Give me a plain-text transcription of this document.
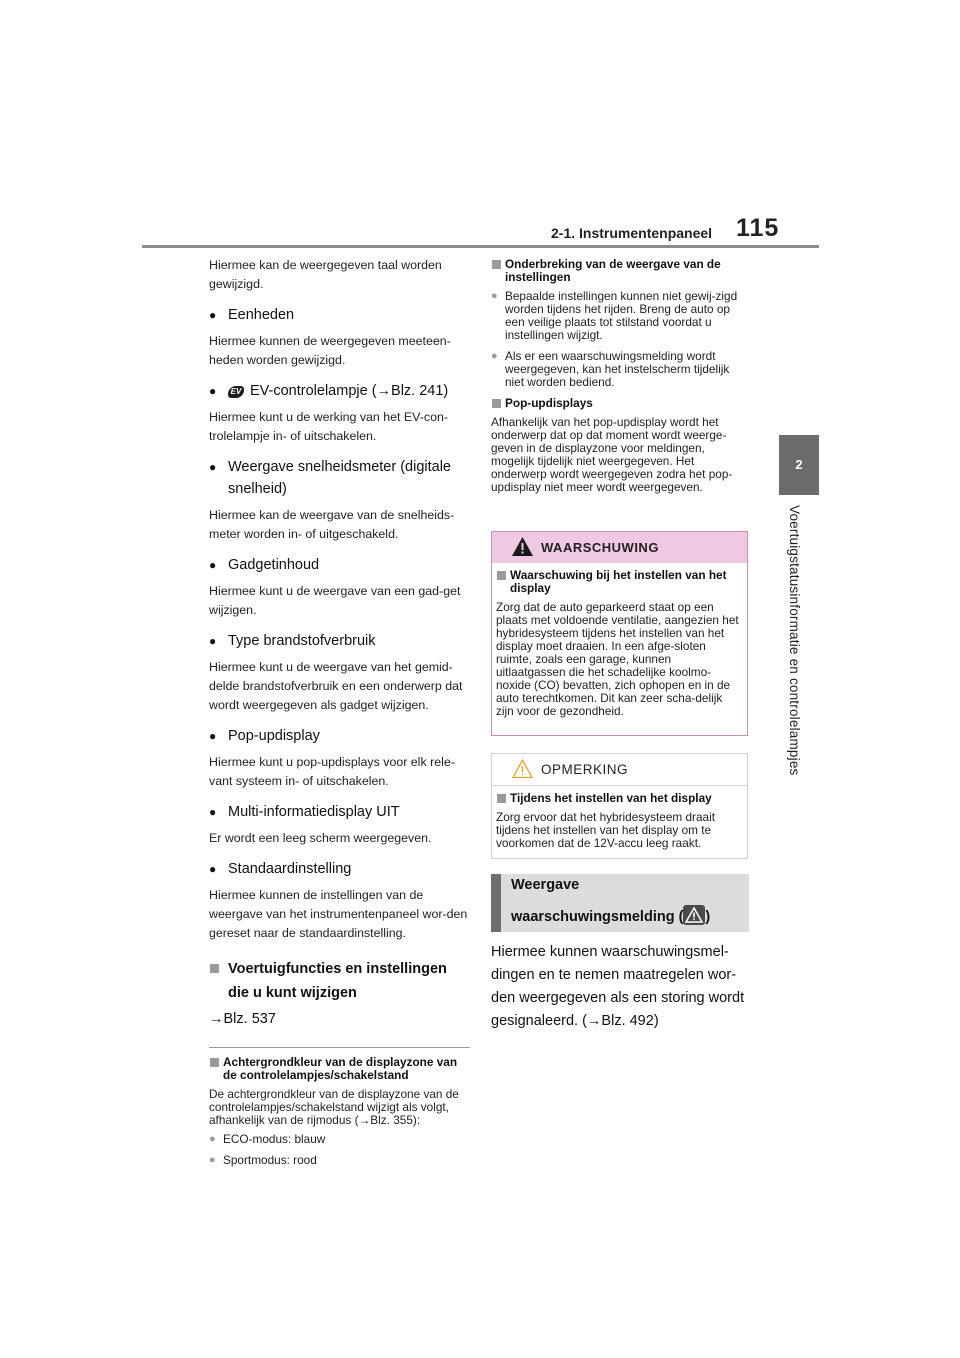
2-1. Instrumentenpaneel 115
2
Voertuigstatusinformatie en controlelampjes

Hiermee kan de weergegeven taal worden gewijzigd.

● Eenheden

Hiermee kunnen de weergegeven meeteen-heden worden gewijzigd.

● EV EV-controlelampje (→Blz. 241)

Hiermee kunt u de werking van het EV-con-trolelampje in- of uitschakelen.

● Weergave snelheidsmeter (digitale snelheid)

Hiermee kan de weergave van de snelheids-meter worden in- of uitgeschakeld.

● Gadgetinhoud

Hiermee kunt u de weergave van een gad-get wijzigen.

● Type brandstofverbruik

Hiermee kunt u de weergave van het gemid-delde brandstofverbruik en een onderwerp dat wordt weergegeven als gadget wijzigen.

● Pop-updisplay

Hiermee kunt u pop-updisplays voor elk rele-vant systeem in- of uitschakelen.

● Multi-informatiedisplay UIT

Er wordt een leeg scherm weergegeven.

● Standaardinstelling

Hiermee kunnen de instellingen van de weergave van het instrumentenpaneel wor-den gereset naar de standaardinstelling.

Voertuigfuncties en instellingen die u kunt wijzigen

→Blz. 537

Achtergrondkleur van de displayzone van de controlelampjes/schakelstand

De achtergrondkleur van de displayzone van de controlelampjes/schakelstand wijzigt als volgt, afhankelijk van de rijmodus (→Blz. 355):

● ECO-modus: blauw
● Sportmodus: rood
Onderbreking van de weergave van de instellingen
● Bepaalde instellingen kunnen niet gewij-zigd worden tijdens het rijden. Breng de auto op een veilige plaats tot stilstand voordat u instellingen wijzigt.
● Als er een waarschuwingsmelding wordt weergegeven, kan het instelscherm tijdelijk niet worden bediend.
Pop-updisplays

Afhankelijk van het pop-updisplay wordt het onderwerp dat op dat moment wordt weerge-geven in de displayzone voor meldingen, mogelijk tijdelijk niet weergegeven. Het onderwerp wordt weergegeven zodra het pop-updisplay niet meer wordt weergegeven.

WAARSCHUWING
Waarschuwing bij het instellen van het display

Zorg dat de auto geparkeerd staat op een plaats met voldoende ventilatie, aangezien het hybridesysteem tijdens het instellen van het display moet draaien. In een afge-sloten ruimte, zoals een garage, kunnen uitlaatgassen die het schadelijke koolmo-noxide (CO) bevatten, zich ophopen en in de auto terechtkomen. Dit kan zeer scha-delijk zijn voor de gezondheid.

OPMERKING
Tijdens het instellen van het display

Zorg ervoor dat het hybridesysteem draait tijdens het instellen van het display om te voorkomen dat de 12V-accu leeg raakt.

Weergave
waarschuwingsmelding ( )
Hiermee kunnen waarschuwingsmel-dingen en te nemen maatregelen wor-den weergegeven als een storing wordt gesignaleerd. (→Blz. 492)
